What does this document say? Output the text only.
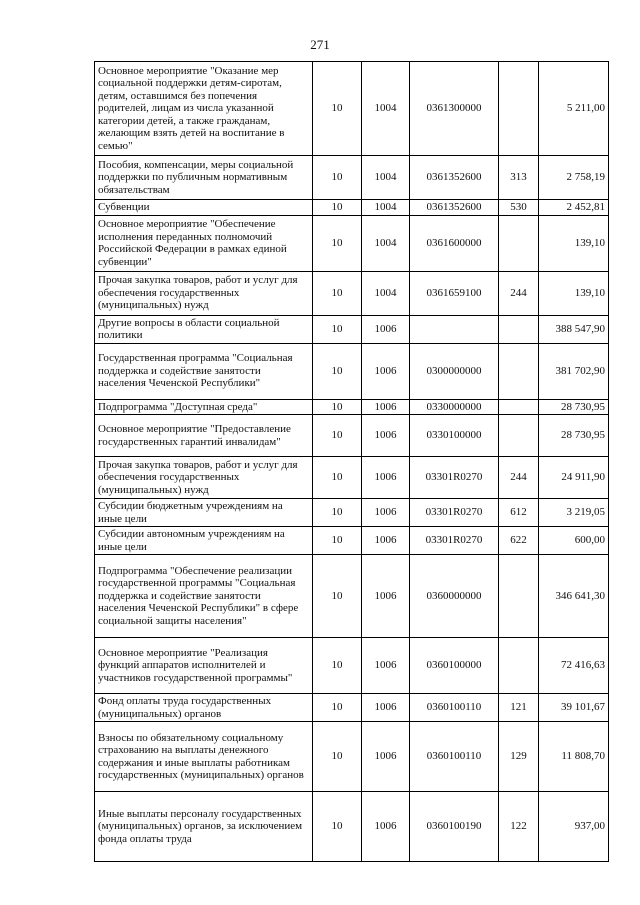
271
Основное мероприятие "Оказание мер социальной поддержки детям-сиротам, детям, оставшимся без попечения родителей, лицам из числа указанной категории детей, а также гражданам, желающим взять детей на воспитание в семью"	10	1004	0361300000		5 211,00
Пособия, компенсации, меры социальной поддержки по публичным нормативным обязательствам	10	1004	0361352600	313	2 758,19
Субвенции	10	1004	0361352600	530	2 452,81
Основное мероприятие "Обеспечение исполнения переданных полномочий Российской Федерации в рамках единой субвенции"	10	1004	0361600000		139,10
Прочая закупка товаров, работ и услуг для обеспечения государственных (муниципальных) нужд	10	1004	0361659100	244	139,10
Другие вопросы в области социальной политики	10	1006			388 547,90
Государственная программа "Социальная поддержка и содействие занятости населения Чеченской Республики"	10	1006	0300000000		381 702,90
Подпрограмма "Доступная среда"	10	1006	0330000000		28 730,95
Основное мероприятие "Предоставление государственных гарантий инвалидам"	10	1006	0330100000		28 730,95
Прочая закупка товаров, работ и услуг для обеспечения государственных (муниципальных) нужд	10	1006	03301R0270	244	24 911,90
Субсидии бюджетным учреждениям на иные цели	10	1006	03301R0270	612	3 219,05
Субсидии автономным учреждениям на иные цели	10	1006	03301R0270	622	600,00
Подпрограмма "Обеспечение реализации государственной программы "Социальная поддержка и содействие занятости населения Чеченской Республики" в сфере социальной защиты населения"	10	1006	0360000000		346 641,30
Основное мероприятие "Реализация функций аппаратов исполнителей и участников государственной программы"	10	1006	0360100000		72 416,63
Фонд оплаты труда государственных (муниципальных) органов	10	1006	0360100110	121	39 101,67
Взносы по обязательному социальному страхованию на выплаты денежного содержания и иные выплаты работникам государственных (муниципальных) органов	10	1006	0360100110	129	11 808,70
Иные выплаты персоналу государственных (муниципальных) органов, за исключением фонда оплаты труда	10	1006	0360100190	122	937,00
